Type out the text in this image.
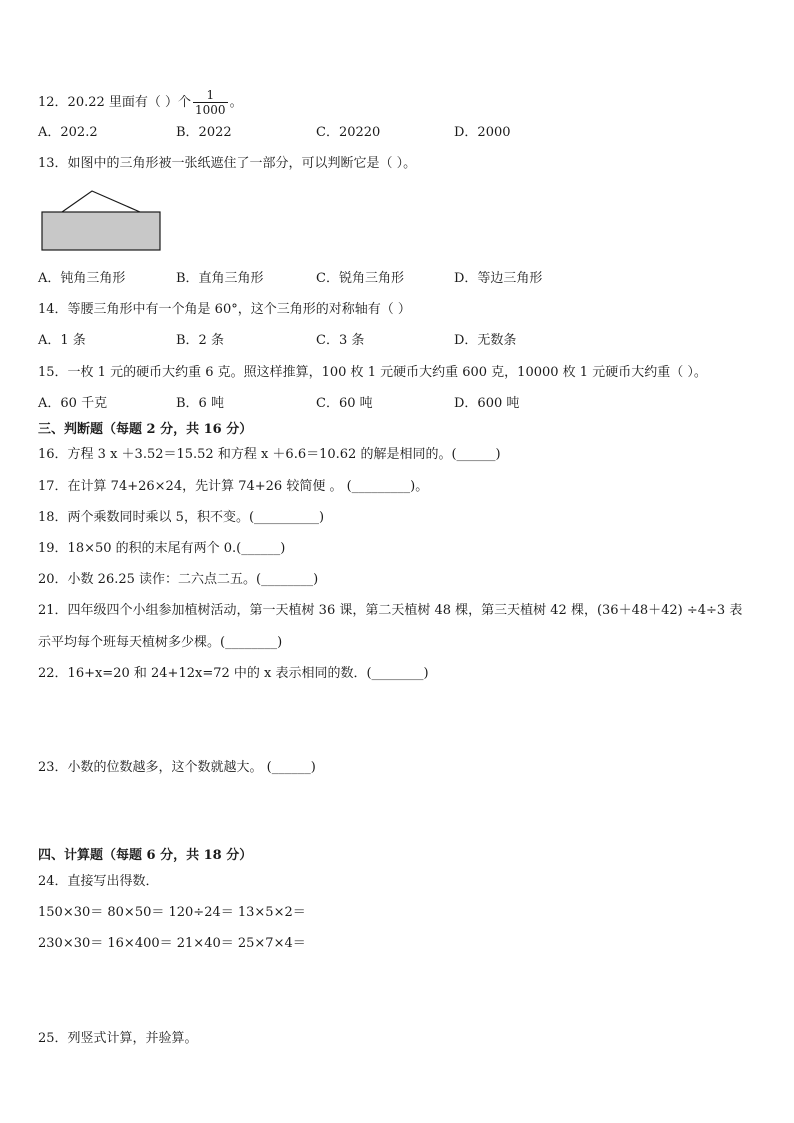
12．20.22 里面有（ ）个 $\frac{1}{1000}$ 。
A．202.2	B．2022	C．20220	D．2000
13．如图中的三角形被一张纸遮住了一部分，可以判断它是（ ）。
A．钝角三角形	B．直角三角形	C．锐角三角形	D．等边三角形
14．等腰三角形中有一个角是 60°，这个三角形的对称轴有（ ）
A．1 条	B．2 条	C．3 条	D．无数条
15．一枚 1 元的硬币大约重 6 克。照这样推算，100 枚 1 元硬币大约重 600 克，10000 枚 1 元硬币大约重（ ）。
A．60 千克	B．6 吨	C．60 吨	D．600 吨
三、判断题（每题 2 分，共 16 分）
16．方程 3 x ＋3.52＝15.52 和方程 x ＋6.6＝10.62 的解是相同的。(______)
17．在计算 74+26×24，先计算 74+26 较简便 。 (_________)。
18．两个乘数同时乘以 5，积不变。(__________)
19．18×50 的积的末尾有两个 0.(______)
20．小数 26.25 读作：二六点二五。(________)
21．四年级四个小组参加植树活动，第一天植树 36 课，第二天植树 48 棵，第三天植树 42 棵，(36＋48＋42) ÷4÷3 表
示平均每个班每天植树多少棵。(________)
22．16+x=20 和 24+12x=72 中的 x 表示相同的数．(________)
23．小数的位数越多，这个数就越大。 (______)
四、计算题（每题 6 分，共 18 分）
24．直接写出得数．
150×30＝ 80×50＝ 120÷24＝ 13×5×2＝
230×30＝ 16×400＝ 21×40＝ 25×7×4＝
25．列竖式计算，并验算。
